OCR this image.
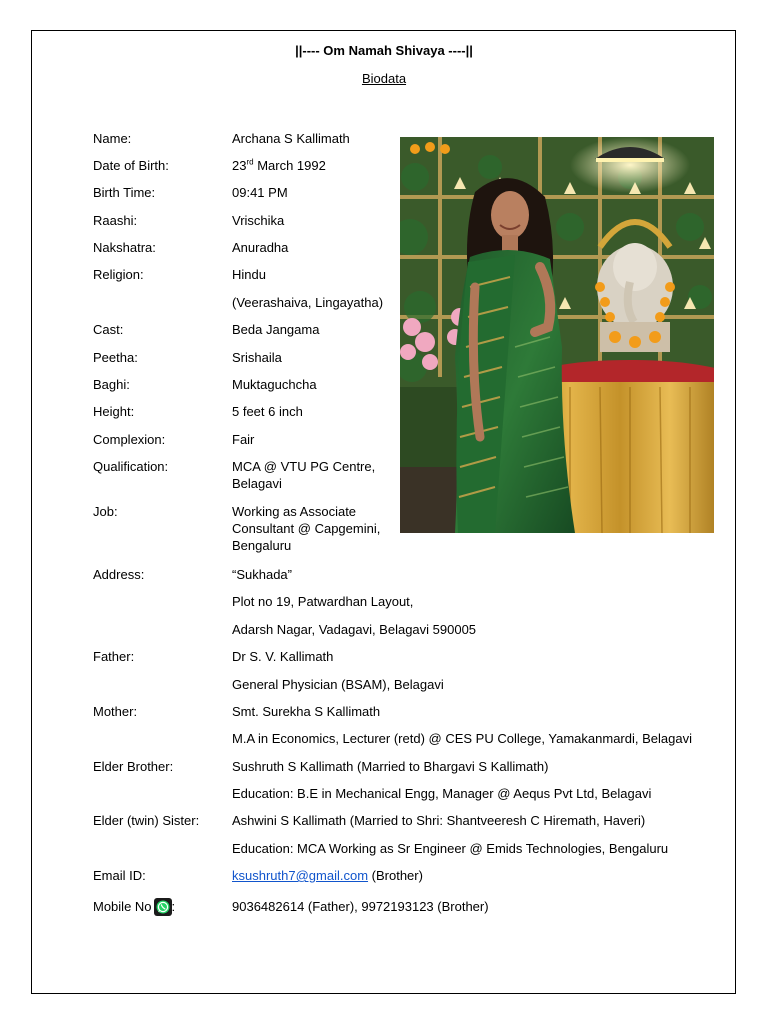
||---- Om Namah Shivaya ----||
Biodata
Name:	Archana S Kallimath
Date of Birth:	23rd March 1992
Birth Time:	09:41 PM
Raashi:	Vrischika
Nakshatra:	Anuradha
Religion:	Hindu
(Veerashaiva, Lingayatha)
Cast:	Beda Jangama
Peetha:	Srishaila
Baghi:	Muktaguchcha
Height:	5 feet 6 inch
Complexion:	Fair
Qualification:	MCA @ VTU PG Centre, Belagavi
Job:	Working as Associate Consultant @ Capgemini, Bengaluru
Address:	“Sukhada”
Plot no 19, Patwardhan Layout,
Adarsh Nagar, Vadagavi, Belagavi 590005
Father:	Dr S. V. Kallimath
General Physician (BSAM), Belagavi
Mother:	Smt. Surekha S Kallimath
M.A in Economics, Lecturer (retd) @ CES PU College, Yamakanmardi, Belagavi
Elder Brother:	Sushruth S Kallimath (Married to Bhargavi S Kallimath)
Education: B.E in Mechanical Engg, Manager @ Aequs Pvt Ltd, Belagavi
Elder (twin) Sister:	Ashwini S Kallimath (Married to Shri: Shantveeresh C Hiremath, Haveri)
Education: MCA Working as Sr Engineer @ Emids Technologies, Bengaluru
Email ID:	ksushruth7@gmail.com (Brother)
Mobile No :	9036482614 (Father), 9972193123 (Brother)
